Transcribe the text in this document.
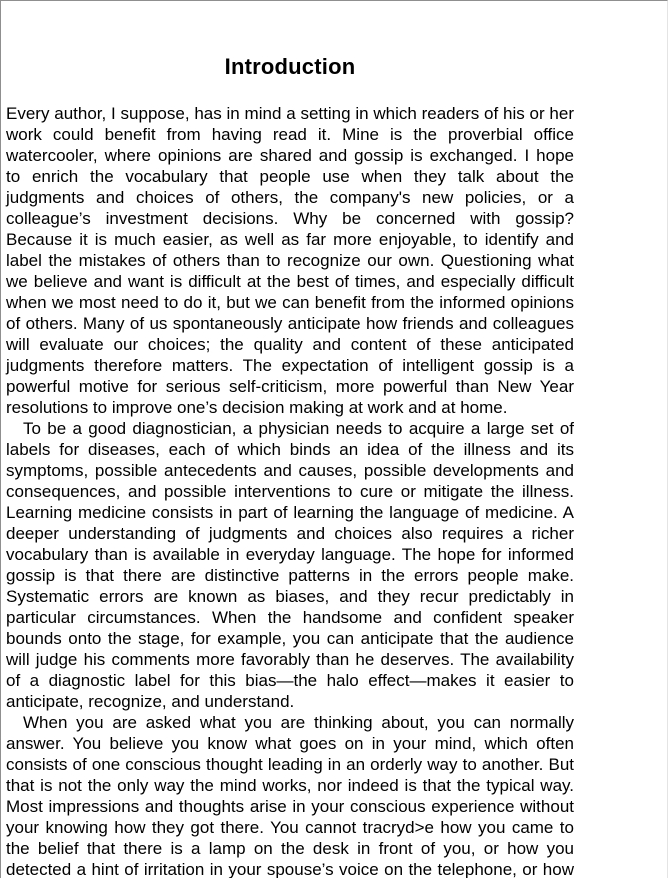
Introduction
Every author, I suppose, has in mind a setting in which readers of his or her
work could benefit from having read it. Mine is the proverbial office
watercooler, where opinions are shared and gossip is exchanged. I hope
to enrich the vocabulary that people use when they talk about the
judgments and choices of others, the company's new policies, or a
colleague’s investment decisions. Why be concerned with gossip?
Because it is much easier, as well as far more enjoyable, to identify and
label the mistakes of others than to recognize our own. Questioning what
we believe and want is difficult at the best of times, and especially difficult
when we most need to do it, but we can benefit from the informed opinions
of others. Many of us spontaneously anticipate how friends and colleagues
will evaluate our choices; the quality and content of these anticipated
judgments therefore matters. The expectation of intelligent gossip is a
powerful motive for serious self-criticism, more powerful than New Year
resolutions to improve one’s decision making at work and at home.
To be a good diagnostician, a physician needs to acquire a large set of
labels for diseases, each of which binds an idea of the illness and its
symptoms, possible antecedents and causes, possible developments and
consequences, and possible interventions to cure or mitigate the illness.
Learning medicine consists in part of learning the language of medicine. A
deeper understanding of judgments and choices also requires a richer
vocabulary than is available in everyday language. The hope for informed
gossip is that there are distinctive patterns in the errors people make.
Systematic errors are known as biases, and they recur predictably in
particular circumstances. When the handsome and confident speaker
bounds onto the stage, for example, you can anticipate that the audience
will judge his comments more favorably than he deserves. The availability
of a diagnostic label for this bias—the halo effect—makes it easier to
anticipate, recognize, and understand.
When you are asked what you are thinking about, you can normally
answer. You believe you know what goes on in your mind, which often
consists of one conscious thought leading in an orderly way to another. But
that is not the only way the mind works, nor indeed is that the typical way.
Most impressions and thoughts arise in your conscious experience without
your knowing how they got there. You cannot tracryd>e how you came to
the belief that there is a lamp on the desk in front of you, or how you
detected a hint of irritation in your spouse’s voice on the telephone, or how
